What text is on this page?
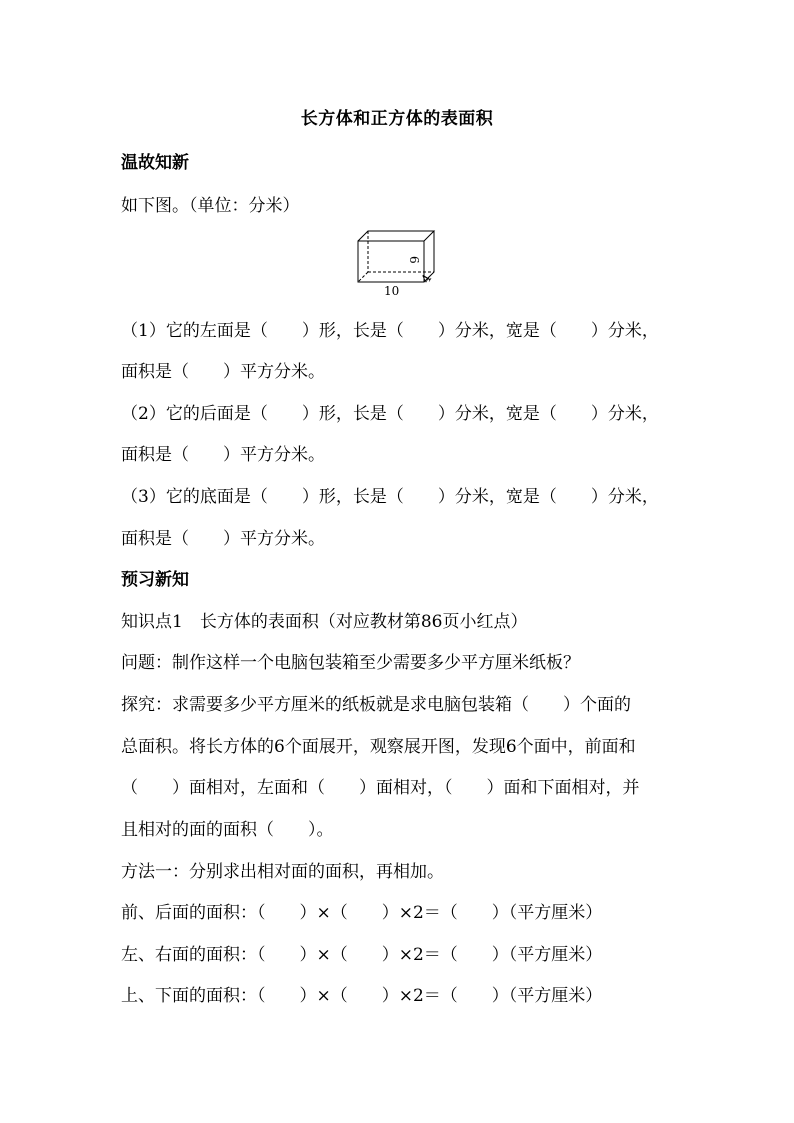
长方体和正方体的表面积
温故知新
如下图。（单位：分米）
10
6
4
（1）它的左面是（　　）形，长是（　　）分米，宽是（　　）分米，
面积是（　　）平方分米。
（2）它的后面是（　　）形，长是（　　）分米，宽是（　　）分米，
面积是（　　）平方分米。
（3）它的底面是（　　）形，长是（　　）分米，宽是（　　）分米，
面积是（　　）平方分米。
预习新知
知识点1　长方体的表面积（对应教材第86页小红点）
问题：制作这样一个电脑包装箱至少需要多少平方厘米纸板？
探究：求需要多少平方厘米的纸板就是求电脑包装箱（　　）个面的
总面积。将长方体的6个面展开，观察展开图，发现6个面中，前面和
（　　）面相对，左面和（　　）面相对，（　　）面和下面相对，并
且相对的面的面积（　　）。
方法一：分别求出相对面的面积，再相加。
前、后面的面积：（　　）×（　　）×2＝（　　）（平方厘米）
左、右面的面积：（　　）×（　　）×2＝（　　）（平方厘米）
上、下面的面积：（　　）×（　　）×2＝（　　）（平方厘米）
